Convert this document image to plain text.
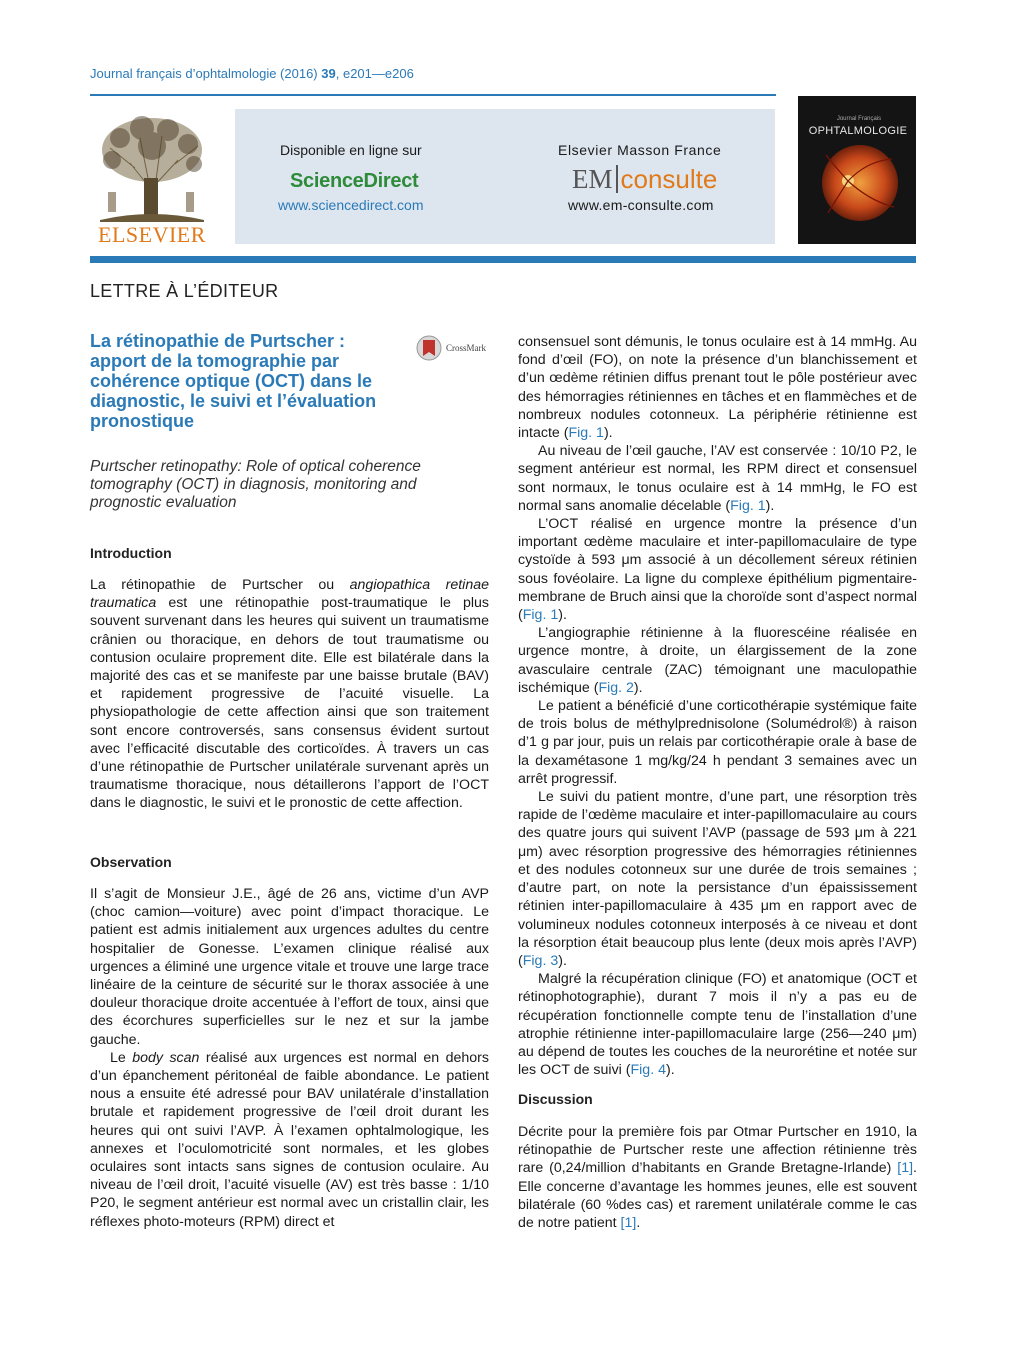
Journal français d’ophtalmologie (2016) 39, e201—e206
ELSEVIER
Disponible en ligne sur
ScienceDirect
www.sciencedirect.com
Elsevier Masson France
EM consulte
www.em-consulte.com
Journal Français
OPHTALMOLOGIE
LETTRE À L’ÉDITEUR
La rétinopathie de Purtscher : apport de la tomographie par cohérence optique (OCT) dans le diagnostic, le suivi et l’évaluation pronostique
CrossMark
Purtscher retinopathy: Role of optical coherence tomography (OCT) in diagnosis, monitoring and prognostic evaluation
Introduction

La rétinopathie de Purtscher ou angiopathica retinae traumatica est une rétinopathie post-traumatique le plus souvent survenant dans les heures qui suivent un traumatisme crânien ou thoracique, en dehors de tout traumatisme ou contusion oculaire proprement dite. Elle est bilatérale dans la majorité des cas et se manifeste par une baisse brutale (BAV) et rapidement progressive de l’acuité visuelle. La physiopathologie de cette affection ainsi que son traitement sont encore controversés, sans consensus évident surtout avec l’efficacité discutable des corticoïdes. À travers un cas d’une rétinopathie de Purtscher unilatérale survenant après un traumatisme thoracique, nous détaillerons l’apport de l’OCT dans le diagnostic, le suivi et le pronostic de cette affection.

Observation

Il s’agit de Monsieur J.E., âgé de 26 ans, victime d’un AVP (choc camion—voiture) avec point d’impact thoracique. Le patient est admis initialement aux urgences adultes du centre hospitalier de Gonesse. L’examen clinique réalisé aux urgences a éliminé une urgence vitale et trouve une large trace linéaire de la ceinture de sécurité sur le thorax associée à une douleur thoracique droite accentuée à l’effort de toux, ainsi que des écorchures superficielles sur le nez et sur la jambe gauche.

Le body scan réalisé aux urgences est normal en dehors d’un épanchement péritonéal de faible abondance. Le patient nous a ensuite été adressé pour BAV unilatérale d’installation brutale et rapidement progressive de l’œil droit durant les heures qui ont suivi l’AVP. À l’examen ophtalmologique, les annexes et l’oculomotricité sont normales, et les globes oculaires sont intacts sans signes de contusion oculaire. Au niveau de l’œil droit, l’acuité visuelle (AV) est très basse : 1/10 P20, le segment antérieur est normal avec un cristallin clair, les réflexes photo-moteurs (RPM) direct et

consensuel sont démunis, le tonus oculaire est à 14 mmHg. Au fond d’œil (FO), on note la présence d’un blanchissement et d’un œdème rétinien diffus prenant tout le pôle postérieur avec des hémorragies rétiniennes en tâches et en flammèches et de nombreux nodules cotonneux. La périphérie rétinienne est intacte (Fig. 1).

Au niveau de l’œil gauche, l’AV est conservée : 10/10 P2, le segment antérieur est normal, les RPM direct et consensuel sont normaux, le tonus oculaire est à 14 mmHg, le FO est normal sans anomalie décelable (Fig. 1).

L’OCT réalisé en urgence montre la présence d’un important œdème maculaire et inter-papillomaculaire de type cystoïde à 593 μm associé à un décollement séreux rétinien sous fovéolaire. La ligne du complexe épithélium pigmentaire-membrane de Bruch ainsi que la choroïde sont d’aspect normal (Fig. 1).

L’angiographie rétinienne à la fluorescéine réalisée en urgence montre, à droite, un élargissement de la zone avasculaire centrale (ZAC) témoignant une maculopathie ischémique (Fig. 2).

Le patient a bénéficié d’une corticothérapie systémique faite de trois bolus de méthylprednisolone (Solumédrol®) à raison d’1 g par jour, puis un relais par corticothérapie orale à base de la dexamétasone 1 mg/kg/24 h pendant 3 semaines avec un arrêt progressif.

Le suivi du patient montre, d’une part, une résorption très rapide de l’œdème maculaire et inter-papillomaculaire au cours des quatre jours qui suivent l’AVP (passage de 593 μm à 221 μm) avec résorption progressive des hémorragies rétiniennes et des nodules cotonneux sur une durée de trois semaines ; d’autre part, on note la persistance d’un épaississement rétinien inter-papillomaculaire à 435 μm en rapport avec de volumineux nodules cotonneux interposés à ce niveau et dont la résorption était beaucoup plus lente (deux mois après l’AVP) (Fig. 3).

Malgré la récupération clinique (FO) et anatomique (OCT et rétinophotographie), durant 7 mois il n’y a pas eu de récupération fonctionnelle compte tenu de l’installation d’une atrophie rétinienne inter-papillomaculaire large (256—240 μm) au dépend de toutes les couches de la neurorétine et notée sur les OCT de suivi (Fig. 4).

Discussion

Décrite pour la première fois par Otmar Purtscher en 1910, la rétinopathie de Purtscher reste une affection rétinienne très rare (0,24/million d’habitants en Grande Bretagne-Irlande) [1]. Elle concerne d’avantage les hommes jeunes, elle est souvent bilatérale (60 %des cas) et rarement unilatérale comme le cas de notre patient [1].
